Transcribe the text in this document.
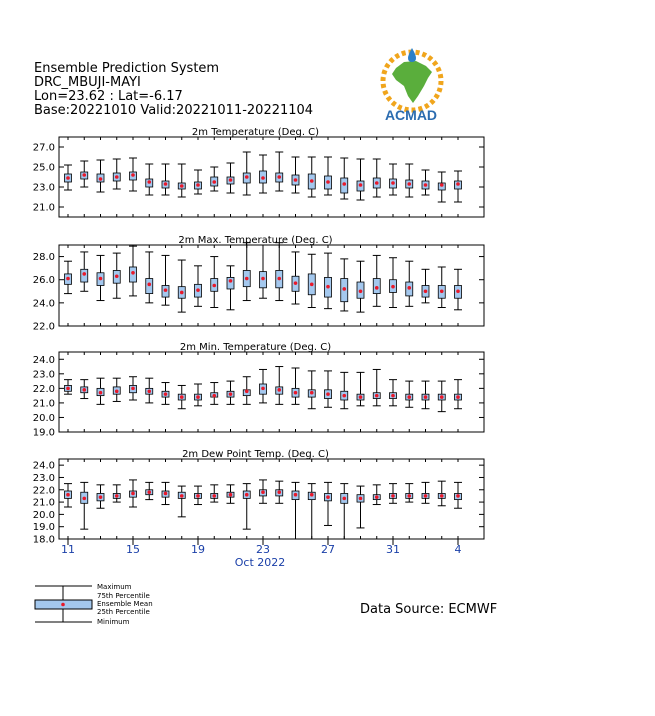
Ensemble Prediction System
DRC_MBUJI-MAYI
Lon=23.62 : Lat=-6.17
Base:20221010 Valid:20221011-20221104	ACMAD
2m Temperature (Deg. C)
27.0
25.0
23.0
21.0
2m Max. Temperature (Deg. C)
28.0
26.0
24.0
22.0
2m Min. Temperature (Deg. C)
24.0
23.0
22.0
21.0
20.0
19.0
2m Dew Point Temp. (Deg. C)
24.0
23.0
22.0
21.0
20.0
19.0
18.0
11	15	19	23	27	31	4
Oct 2022
Maximum
75th Percentile
Ensemble Mean
25th Percentile
Minimum
Data Source: ECMWF
